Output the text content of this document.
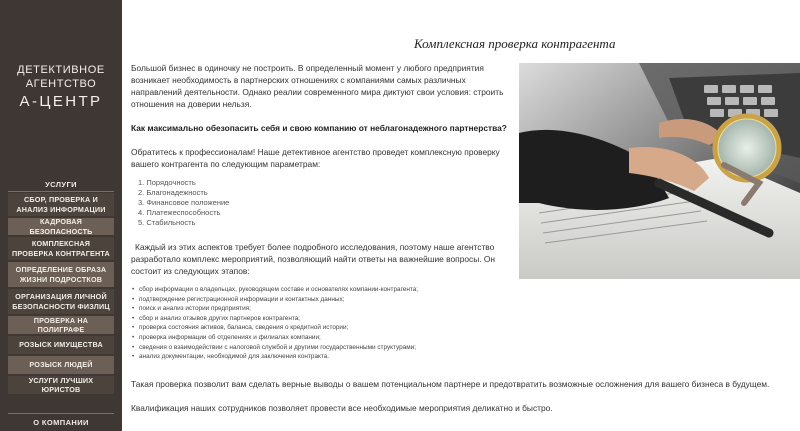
ДЕТЕКТИВНОЕ
АГЕНТСТВО
А-ЦЕНТР
УСЛУГИ
СБОР, ПРОВЕРКА И АНАЛИЗ ИНФОРМАЦИИ
КАДРОВАЯ БЕЗОПАСНОСТЬ
КОМПЛЕКСНАЯ ПРОВЕРКА КОНТРАГЕНТА
ОПРЕДЕЛЕНИЕ ОБРАЗА ЖИЗНИ ПОДРОСТКОВ
ОРГАНИЗАЦИЯ ЛИЧНОЙ БЕЗОПАСНОСТИ ФИЗЛИЦ
ПРОВЕРКА НА ПОЛИГРАФЕ
РОЗЫСК ИМУЩЕСТВА
РОЗЫСК ЛЮДЕЙ
УСЛУГИ ЛУЧШИХ ЮРИСТОВ
О КОМПАНИИ
Комплексная проверка контрагента
Большой бизнес в одиночку не построить. В определенный момент у любого предприятия возникает необходимость в партнерских отношениях с компаниями самых различных направлений деятельности. Однако реалии современного мира диктуют свои условия: строить отношения на доверии нельзя.
Как максимально обезопасить себя и свою компанию от неблагонадежного партнерства?
Обратитесь к профессионалам! Наше детективное агентство проведет комплексную проверку вашего контрагента по следующим параметрам:
1. Порядочность
2. Благонадежность
3. Финансовое положение
4. Платежеспособность
5. Стабильность
Каждый из этих аспектов требует более подробного исследования, поэтому наше агентство разработало комплекс мероприятий, позволяющий найти ответы на важнейшие вопросы. Он состоит из следующих этапов:
• сбор информации о владельцах, руководящем составе и основателях компании-контрагента;
• подтверждение регистрационной информации и контактных данных;
• поиск и анализ истории предприятия;
• сбор и анализ отзывов других партнеров контрагента;
• проверка состояния активов, баланса, сведения о кредитной истории;
• проверка информации об отделениях и филиалах компании;
• сведения о взаимодействии с налоговой службой и другими государственными структурами;
• анализ документации, необходимой для заключения контракта.
Такая проверка позволит вам сделать верные выводы о вашем потенциальном партнере и предотвратить возможные осложнения для вашего бизнеса в будущем.
Квалификация наших сотрудников позволяет провести все необходимые мероприятия деликатно и быстро.
